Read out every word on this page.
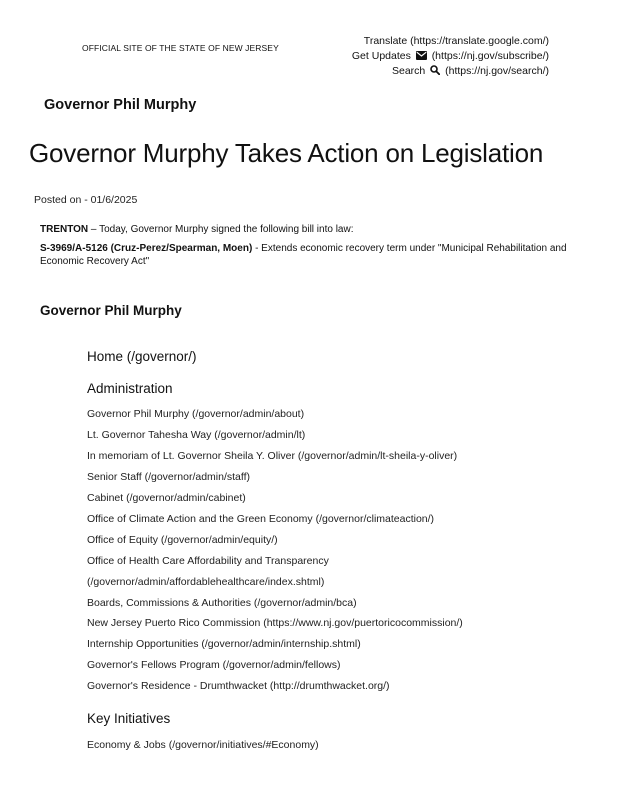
OFFICIAL SITE OF THE STATE OF NEW JERSEY
Translate (https://translate.google.com/)
Get Updates (https://nj.gov/subscribe/)
Search (https://nj.gov/search/)
Governor Phil Murphy
Governor Murphy Takes Action on Legislation
Posted on - 01/6/2025
TRENTON – Today, Governor Murphy signed the following bill into law:
S-3969/A-5126 (Cruz-Perez/Spearman, Moen) - Extends economic recovery term under "Municipal Rehabilitation and Economic Recovery Act"
Governor Phil Murphy
Home (/governor/)
Administration
Governor Phil Murphy (/governor/admin/about)
Lt. Governor Tahesha Way (/governor/admin/lt)
In memoriam of Lt. Governor Sheila Y. Oliver (/governor/admin/lt-sheila-y-oliver)
Senior Staff (/governor/admin/staff)
Cabinet (/governor/admin/cabinet)
Office of Climate Action and the Green Economy (/governor/climateaction/)
Office of Equity (/governor/admin/equity/)
Office of Health Care Affordability and Transparency
(/governor/admin/affordablehealthcare/index.shtml)
Boards, Commissions & Authorities (/governor/admin/bca)
New Jersey Puerto Rico Commission (https://www.nj.gov/puertoricocommission/)
Internship Opportunities (/governor/admin/internship.shtml)
Governor's Fellows Program (/governor/admin/fellows)
Governor's Residence - Drumthwacket (http://drumthwacket.org/)
Key Initiatives
Economy & Jobs (/governor/initiatives/#Economy)
